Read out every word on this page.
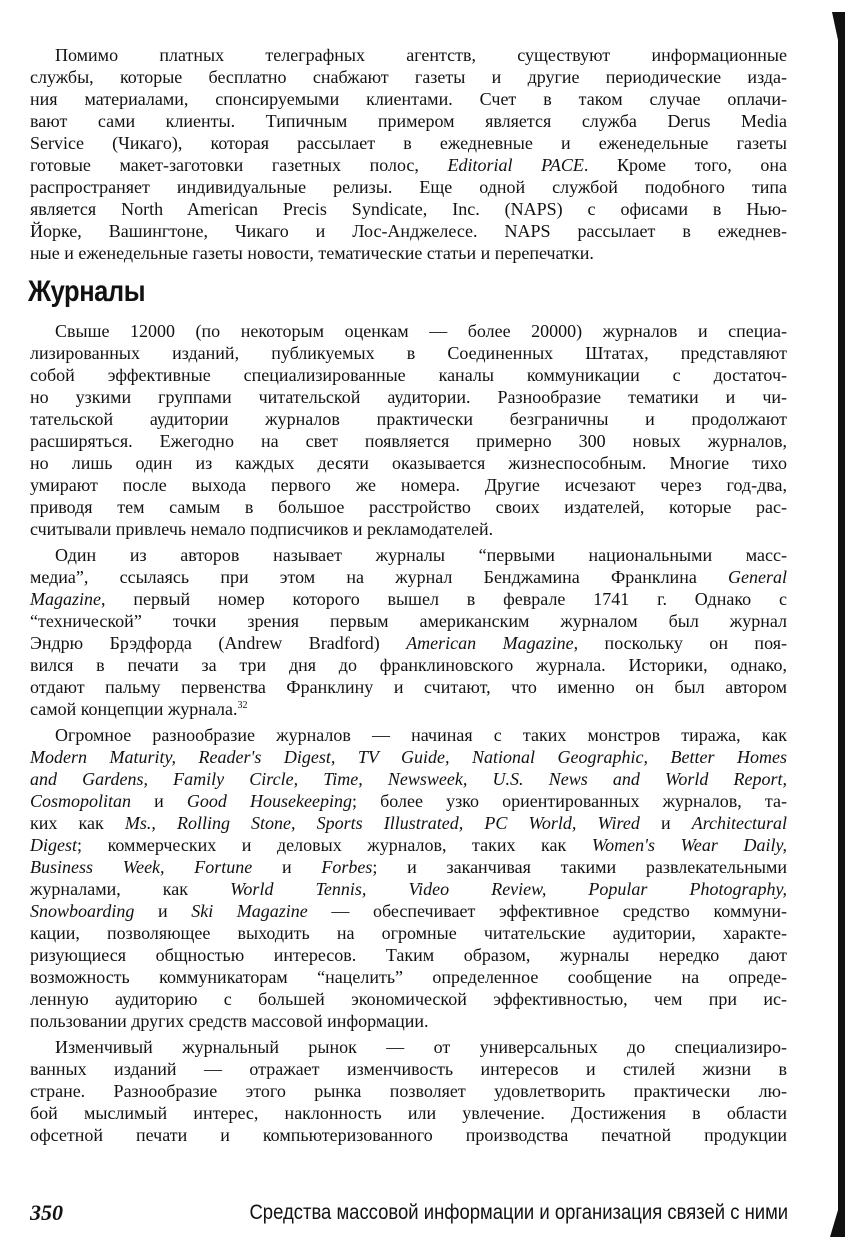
Помимо платных телеграфных агентств, существуют информационные
службы, которые бесплатно снабжают газеты и другие периодические изда-
ния материалами, спонсируемыми клиентами. Счет в таком случае оплачи-
вают сами клиенты. Типичным примером является служба Derus Media
Service (Чикаго), которая рассылает в ежедневные и еженедельные газеты
готовые макет-заготовки газетных полос, Editorial PACE. Кроме того, она
распространяет индивидуальные релизы. Еще одной службой подобного типа
является North American Precis Syndicate, Inc. (NAPS) с офисами в Нью-
Йорке, Вашингтоне, Чикаго и Лос-Анджелесе. NAPS рассылает в ежеднев-
ные и еженедельные газеты новости, тематические статьи и перепечатки.
Журналы
Свыше 12000 (по некоторым оценкам — более 20000) журналов и специа-
лизированных изданий, публикуемых в Соединенных Штатах, представляют
собой эффективные специализированные каналы коммуникации с достаточ-
но узкими группами читательской аудитории. Разнообразие тематики и чи-
тательской аудитории журналов практически безграничны и продолжают
расширяться. Ежегодно на свет появляется примерно 300 новых журналов,
но лишь один из каждых десяти оказывается жизнеспособным. Многие тихо
умирают после выхода первого же номера. Другие исчезают через год-два,
приводя тем самым в большое расстройство своих издателей, которые рас-
считывали привлечь немало подписчиков и рекламодателей.
Один из авторов называет журналы “первыми национальными масс-
медиа”, ссылаясь при этом на журнал Бенджамина Франклина General
Magazine, первый номер которого вышел в феврале 1741 г. Однако с
“технической” точки зрения первым американским журналом был журнал
Эндрю Брэдфорда (Andrew Bradford) American Magazine, поскольку он поя-
вился в печати за три дня до франклиновского журнала. Историки, однако,
отдают пальму первенства Франклину и считают, что именно он был автором
самой концепции журнала.$^{32}$
Огромное разнообразие журналов — начиная с таких монстров тиража, как
Modern Maturity, Reader's Digest, TV Guide, National Geographic, Better Homes
and Gardens, Family Circle, Time, Newsweek, U.S. News and World Report,
Cosmopolitan и Good Housekeeping; более узко ориентированных журналов, та-
ких как Ms., Rolling Stone, Sports Illustrated, PC World, Wired и Architectural
Digest; коммерческих и деловых журналов, таких как Women's Wear Daily,
Business Week, Fortune и Forbes; и заканчивая такими развлекательными
журналами, как World Tennis, Video Review, Popular Photography,
Snowboarding и Ski Magazine — обеспечивает эффективное средство коммуни-
кации, позволяющее выходить на огромные читательские аудитории, характе-
ризующиеся общностью интересов. Таким образом, журналы нередко дают
возможность коммуникаторам “нацелить” определенное сообщение на опреде-
ленную аудиторию с большей экономической эффективностью, чем при ис-
пользовании других средств массовой информации.
Изменчивый журнальный рынок — от универсальных до специализиро-
ванных изданий — отражает изменчивость интересов и стилей жизни в
стране. Разнообразие этого рынка позволяет удовлетворить практически лю-
бой мыслимый интерес, наклонность или увлечение. Достижения в области
офсетной печати и компьютеризованного производства печатной продукции
350	Средства массовой информации и организация связей с ними
